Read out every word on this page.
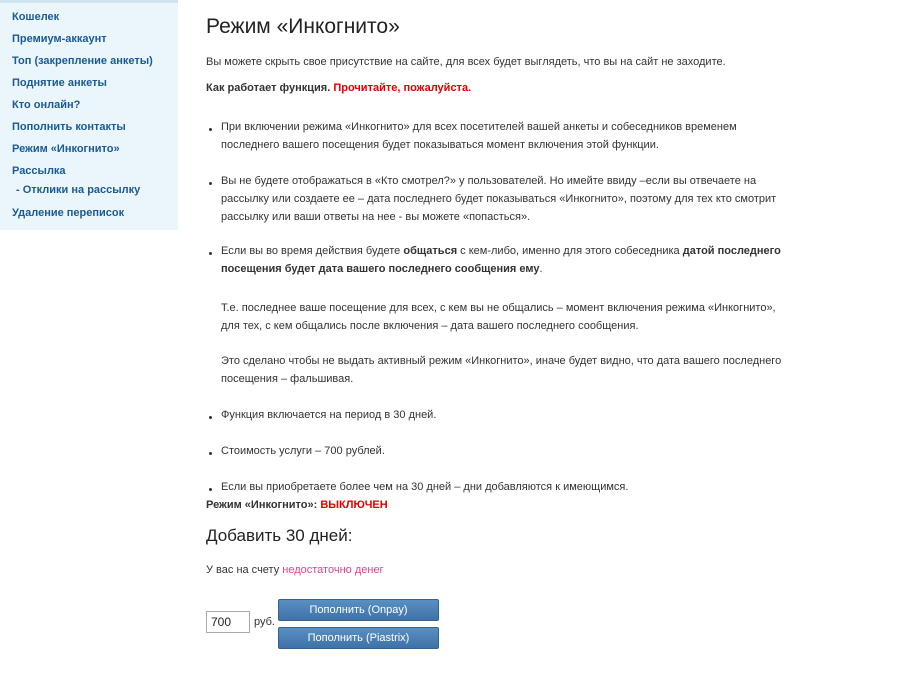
Кошелек
Премиум-аккаунт
Топ (закрепление анкеты)
Поднятие анкеты
Кто онлайн?
Пополнить контакты
Режим «Инкогнито»
Рассылка
- Отклики на рассылку
Удаление переписок
Режим «Инкогнито»
Вы можете скрыть свое присутствие на сайте, для всех будет выглядеть, что вы на сайт не заходите.
Как работает функция. Прочитайте, пожалуйста.
При включении режима «Инкогнито» для всех посетителей вашей анкеты и собеседников временем
последнего вашего посещения будет показываться момент включения этой функции.
Вы не будете отображаться в «Кто смотрел?» у пользователей. Но имейте ввиду –если вы отвечаете на
рассылку или создаете ее – дата последнего будет показываться «Инкогнито», поэтому для тех кто смотрит
рассылку или ваши ответы на нее - вы можете «попасться».
Если вы во время действия будете общаться с кем-либо, именно для этого собеседника датой последнего
посещения будет дата вашего последнего сообщения ему.
Т.е. последнее ваше посещение для всех, с кем вы не общались – момент включения режима «Инкогнито»,
для тех, с кем общались после включения – дата вашего последнего сообщения.
Это сделано чтобы не выдать активный режим «Инкогнито», иначе будет видно, что дата вашего последнего
посещения – фальшивая.
Функция включается на период в 30 дней.
Стоимость услуги – 700 рублей.
Если вы приобретаете более чем на 30 дней – дни добавляются к имеющимся.
Режим «Инкогнито»: ВЫКЛЮЧЕН
Добавить 30 дней:
У вас на счету недостаточно денег
700
руб.
Пополнить (Onpay)
Пополнить (Piastrix)
